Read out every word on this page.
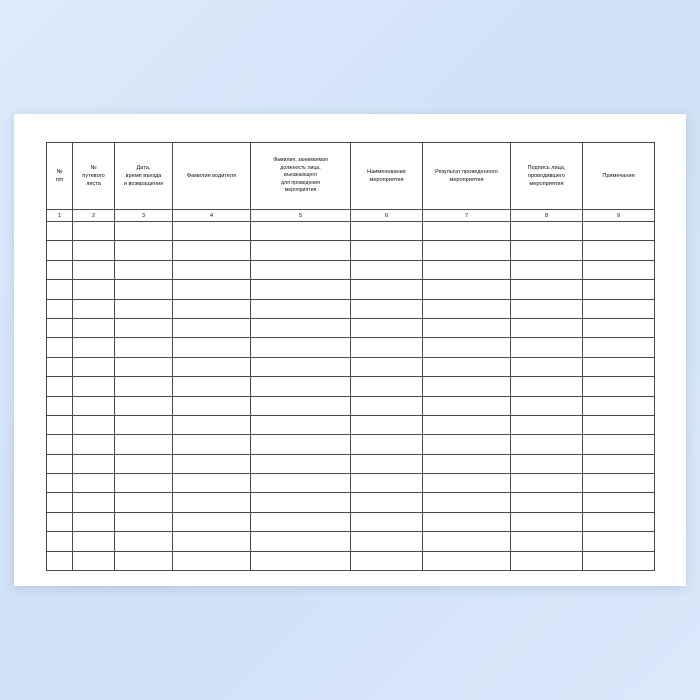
№
п/п	№
путевого
листа	Дата,
время въезда
и возвращения	Фамилия водителя	Фамилия, занимаемая
должность лица,
въезжающего
для проведения
мероприятия	Наименование
мероприятия	Результат проведенного
мероприятия	Подпись лица,
проводившего
мероприятия	Примечания
1	2	3	4	5	6	7	8	9
